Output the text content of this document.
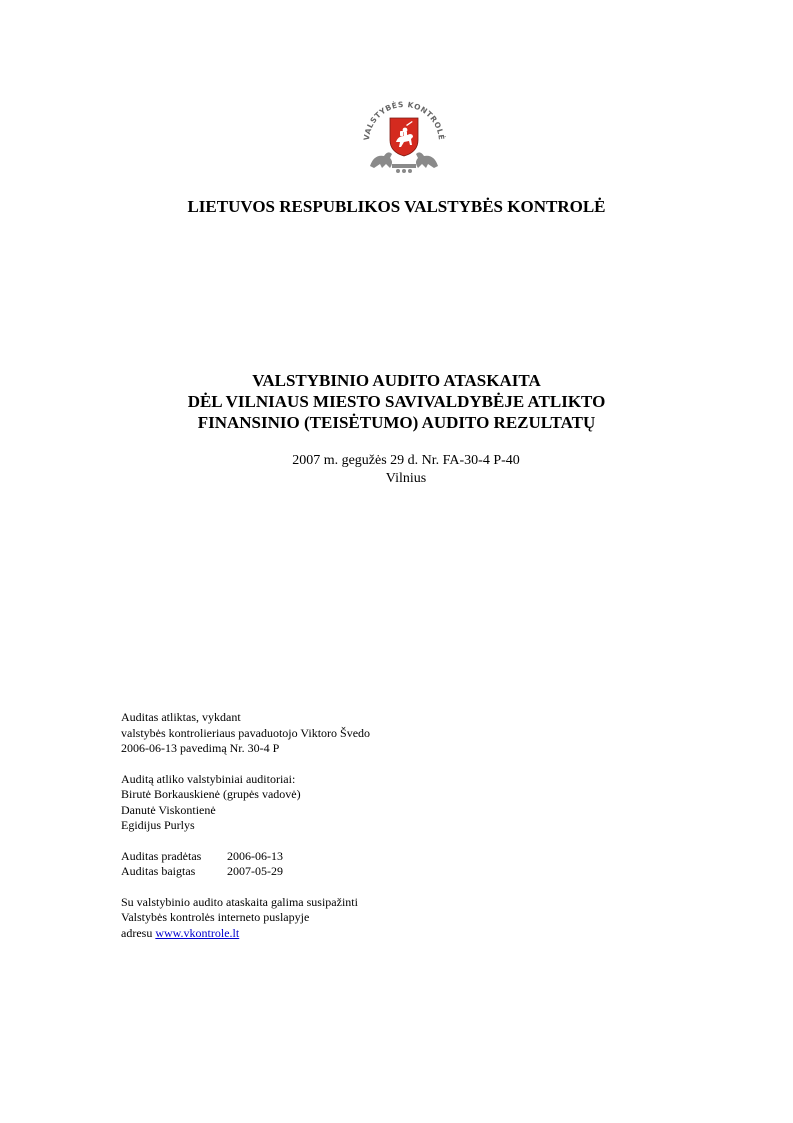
VALSTYBĖS KONTROLĖ
LIETUVOS RESPUBLIKOS VALSTYBĖS KONTROLĖ
VALSTYBINIO AUDITO ATASKAITA
DĖL VILNIAUS MIESTO SAVIVALDYBĖJE ATLIKTO
FINANSINIO (TEISĖTUMO) AUDITO REZULTATŲ
2007 m. gegužės 29 d. Nr. FA-30-4 P-40
Vilnius
Auditas atliktas, vykdant
valstybės kontrolieriaus pavaduotojo Viktoro Švedo
2006-06-13 pavedimą Nr. 30-4 P
Auditą atliko valstybiniai auditoriai:
Birutė Borkauskienė (grupės vadovė)
Danutė Viskontienė
Egidijus Purlys
Auditas pradėtas 2006-06-13
Auditas baigtas	2007-05-29
Su valstybinio audito ataskaita galima susipažinti
Valstybės kontrolės interneto puslapyje
adresu www.vkontrole.lt
